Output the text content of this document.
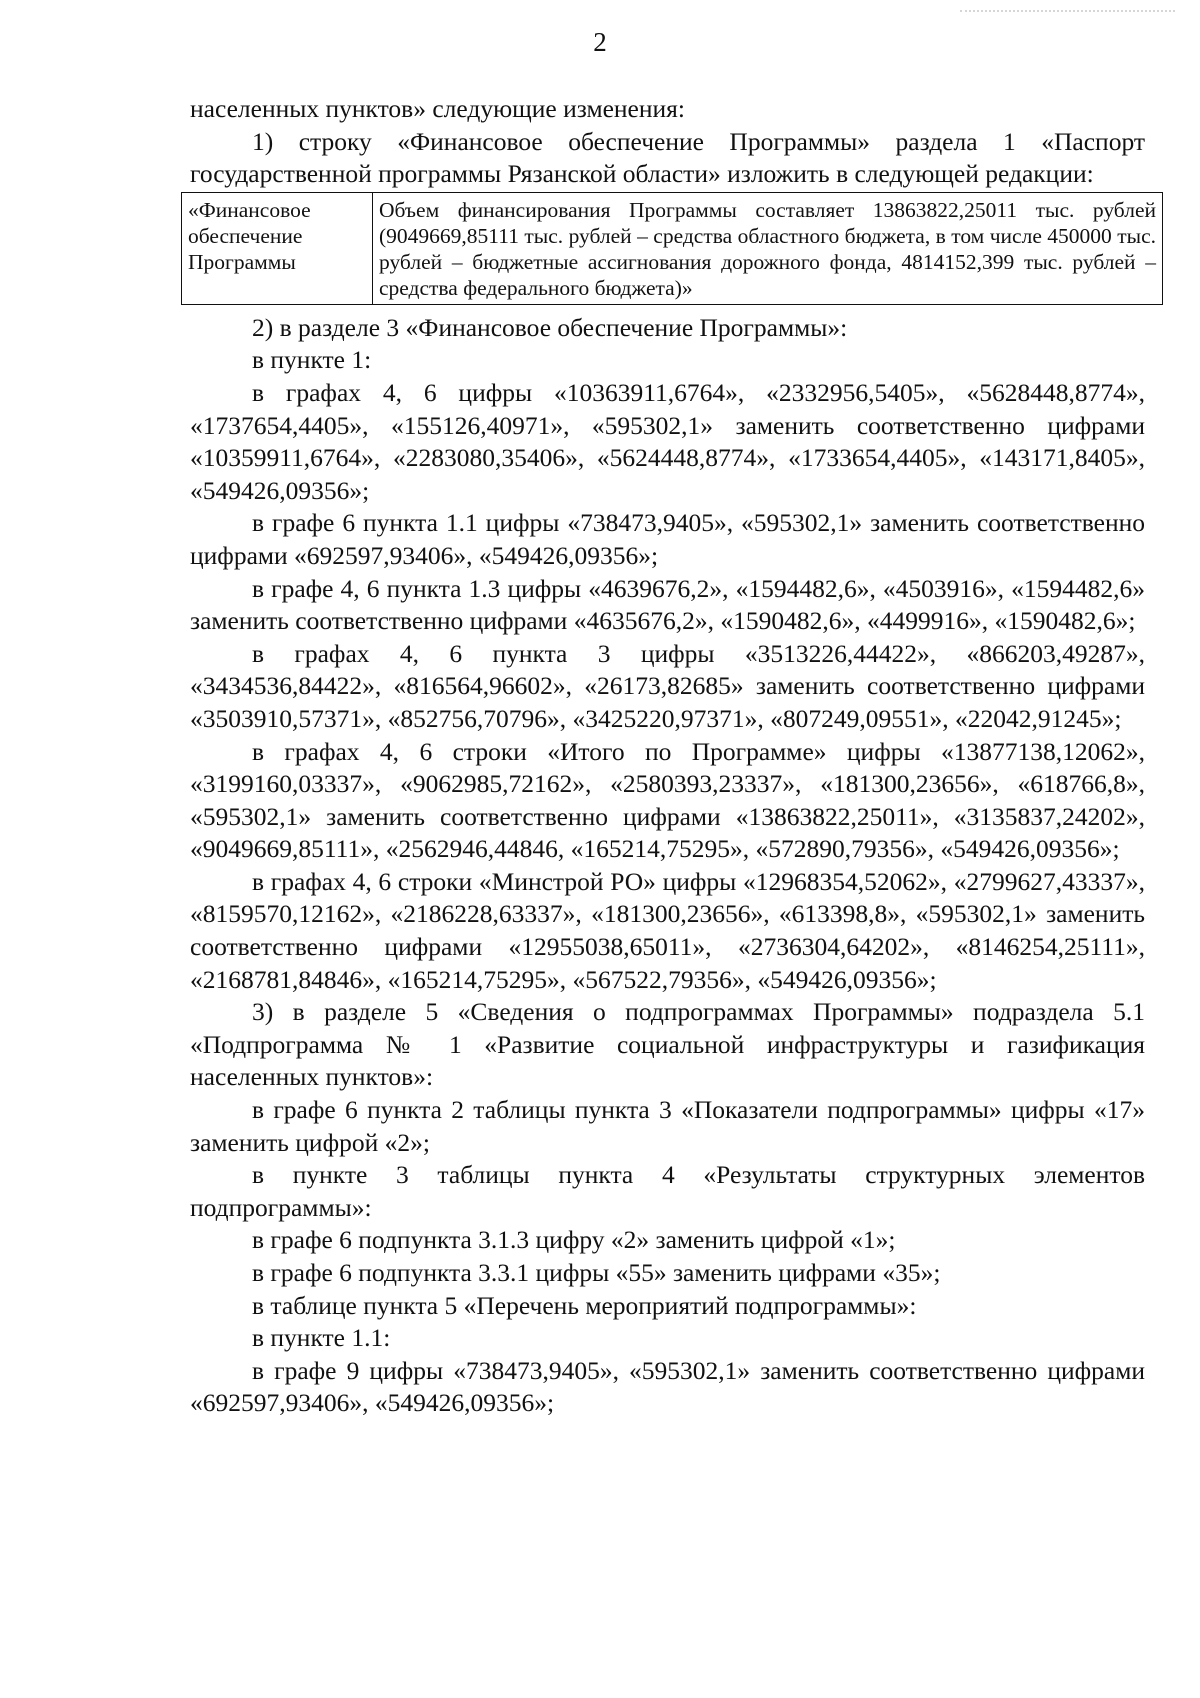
2

населенных пунктов» следующие изменения:

1) строку «Финансовое обеспечение Программы» раздела 1 «Паспорт государственной программы Рязанской области» изложить в следующей редакции:

«Финансовое обеспечение Программы	Объем финансирования Программы составляет 13863822,25011 тыс. рублей (9049669,85111 тыс. рублей – средства областного бюджета, в том числе 450000 тыс. рублей – бюджетные ассигнования дорожного фонда, 4814152,399 тыс. рублей – средства федерального бюджета)»

2) в разделе 3 «Финансовое обеспечение Программы»:

в пункте 1:

в графах 4, 6 цифры «10363911,6764», «2332956,5405», «5628448,8774», «1737654,4405», «155126,40971», «595302,1» заменить соответственно цифрами «10359911,6764», «2283080,35406», «5624448,8774», «1733654,4405», «143171,8405», «549426,09356»;

в графе 6 пункта 1.1 цифры «738473,9405», «595302,1» заменить соответственно цифрами «692597,93406», «549426,09356»;

в графе 4, 6 пункта 1.3 цифры «4639676,2», «1594482,6», «4503916», «1594482,6» заменить соответственно цифрами «4635676,2», «1590482,6», «4499916», «1590482,6»;

в графах 4, 6 пункта 3 цифры «3513226,44422», «866203,49287», «3434536,84422», «816564,96602», «26173,82685» заменить соответственно цифрами «3503910,57371», «852756,70796», «3425220,97371», «807249,09551», «22042,91245»;

в графах 4, 6 строки «Итого по Программе» цифры «13877138,12062», «3199160,03337», «9062985,72162», «2580393,23337», «181300,23656», «618766,8», «595302,1» заменить соответственно цифрами «13863822,25011», «3135837,24202», «9049669,85111», «2562946,44846, «165214,75295», «572890,79356», «549426,09356»;

в графах 4, 6 строки «Минстрой РО» цифры «12968354,52062», «2799627,43337», «8159570,12162», «2186228,63337», «181300,23656», «613398,8», «595302,1» заменить соответственно цифрами «12955038,65011», «2736304,64202», «8146254,25111», «2168781,84846», «165214,75295», «567522,79356», «549426,09356»;

3) в разделе 5 «Сведения о подпрограммах Программы» подраздела 5.1 «Подпрограмма № 1 «Развитие социальной инфраструктуры и газификация населенных пунктов»:

в графе 6 пункта 2 таблицы пункта 3 «Показатели подпрограммы» цифры «17» заменить цифрой «2»;

в пункте 3 таблицы пункта 4 «Результаты структурных элементов подпрограммы»:

в графе 6 подпункта 3.1.3 цифру «2» заменить цифрой «1»;

в графе 6 подпункта 3.3.1 цифры «55» заменить цифрами «35»;

в таблице пункта 5 «Перечень мероприятий подпрограммы»:

в пункте 1.1:

в графе 9 цифры «738473,9405», «595302,1» заменить соответственно цифрами «692597,93406», «549426,09356»;
